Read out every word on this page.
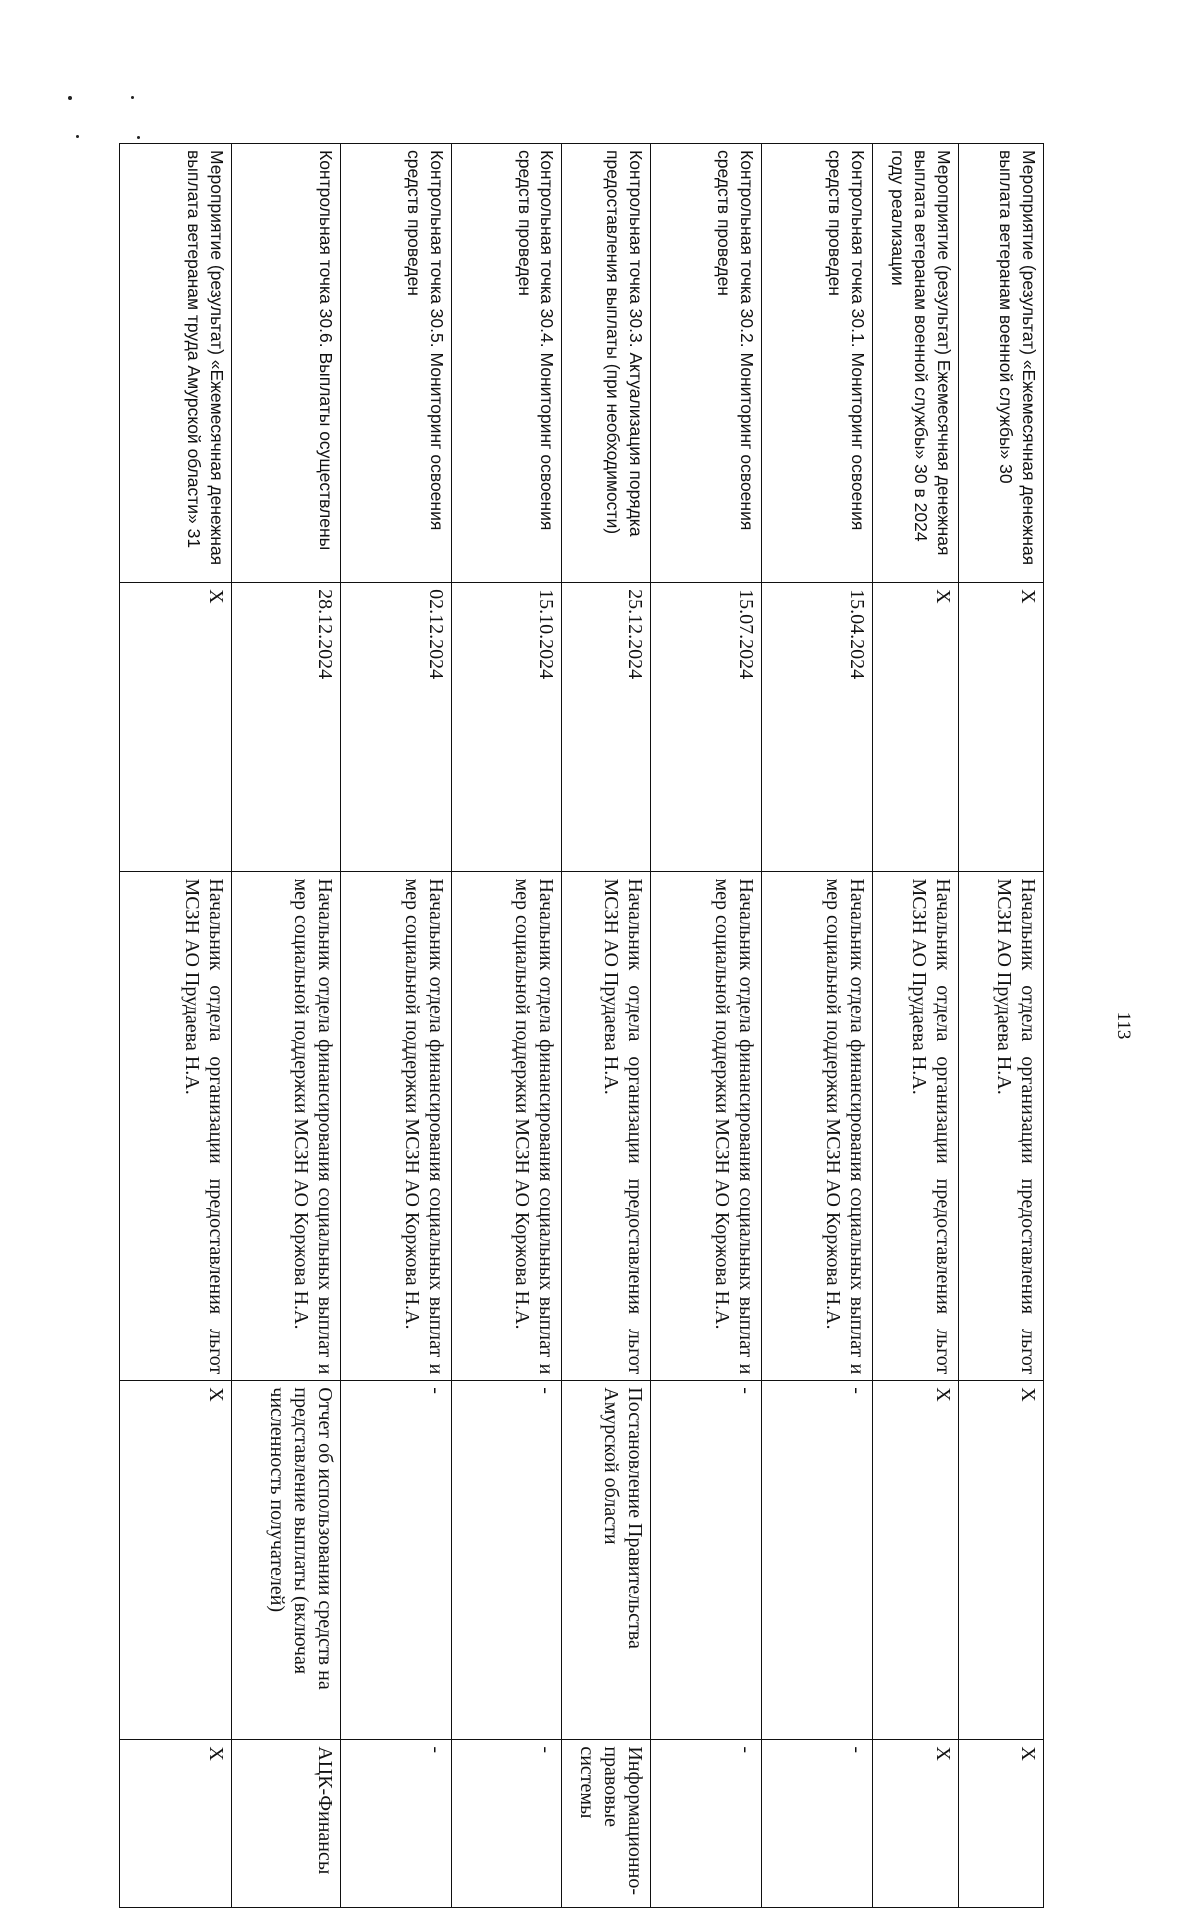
113
Мероприятие (результат) «Ежемесячная денежная выплата ветеранам военной службы» 30	X	Начальник отдела организации предоставления льгот МСЗН АО Прудаева Н.А.	X	X
Мероприятие (результат) Ежемесячная денежная выплата ветеранам военной службы» 30 в 2024 году реализации	X	Начальник отдела организации предоставления льгот МСЗН АО Прудаева Н.А.	X	X
Контрольная точка 30.1. Мониторинг освоения средств проведен	15.04.2024	Начальник отдела финансирования социальных выплат и мер социальной поддержки МСЗН АО Коржова Н.А.	-	-
Контрольная точка 30.2. Мониторинг освоения средств проведен	15.07.2024	Начальник отдела финансирования социальных выплат и мер социальной поддержки МСЗН АО Коржова Н.А.	-	-
Контрольная точка 30.3. Актуализация порядка предоставления выплаты (при необходимости)	25.12.2024	Начальник отдела организации предоставления льгот МСЗН АО Прудаева Н.А.	Постановление Правительства Амурской области	Информационно-правовые системы
Контрольная точка 30.4. Мониторинг освоения средств проведен	15.10.2024	Начальник отдела финансирования социальных выплат и мер социальной поддержки МСЗН АО Коржова Н.А.	-	-
Контрольная точка 30.5. Мониторинг освоения средств проведен	02.12.2024	Начальник отдела финансирования социальных выплат и мер социальной поддержки МСЗН АО Коржова Н.А.	-	-
Контрольная точка 30.6. Выплаты осуществлены	28.12.2024	Начальник отдела финансирования социальных выплат и мер социальной поддержки МСЗН АО Коржова Н.А.	Отчет об использовании средств на представление выплаты (включая численность получателей)	АЦК-Финансы
Мероприятие (результат) «Ежемесячная денежная выплата ветеранам труда Амурской области» 31	X	Начальник отдела организации предоставления льгот МСЗН АО Прудаева Н.А.	X	X
